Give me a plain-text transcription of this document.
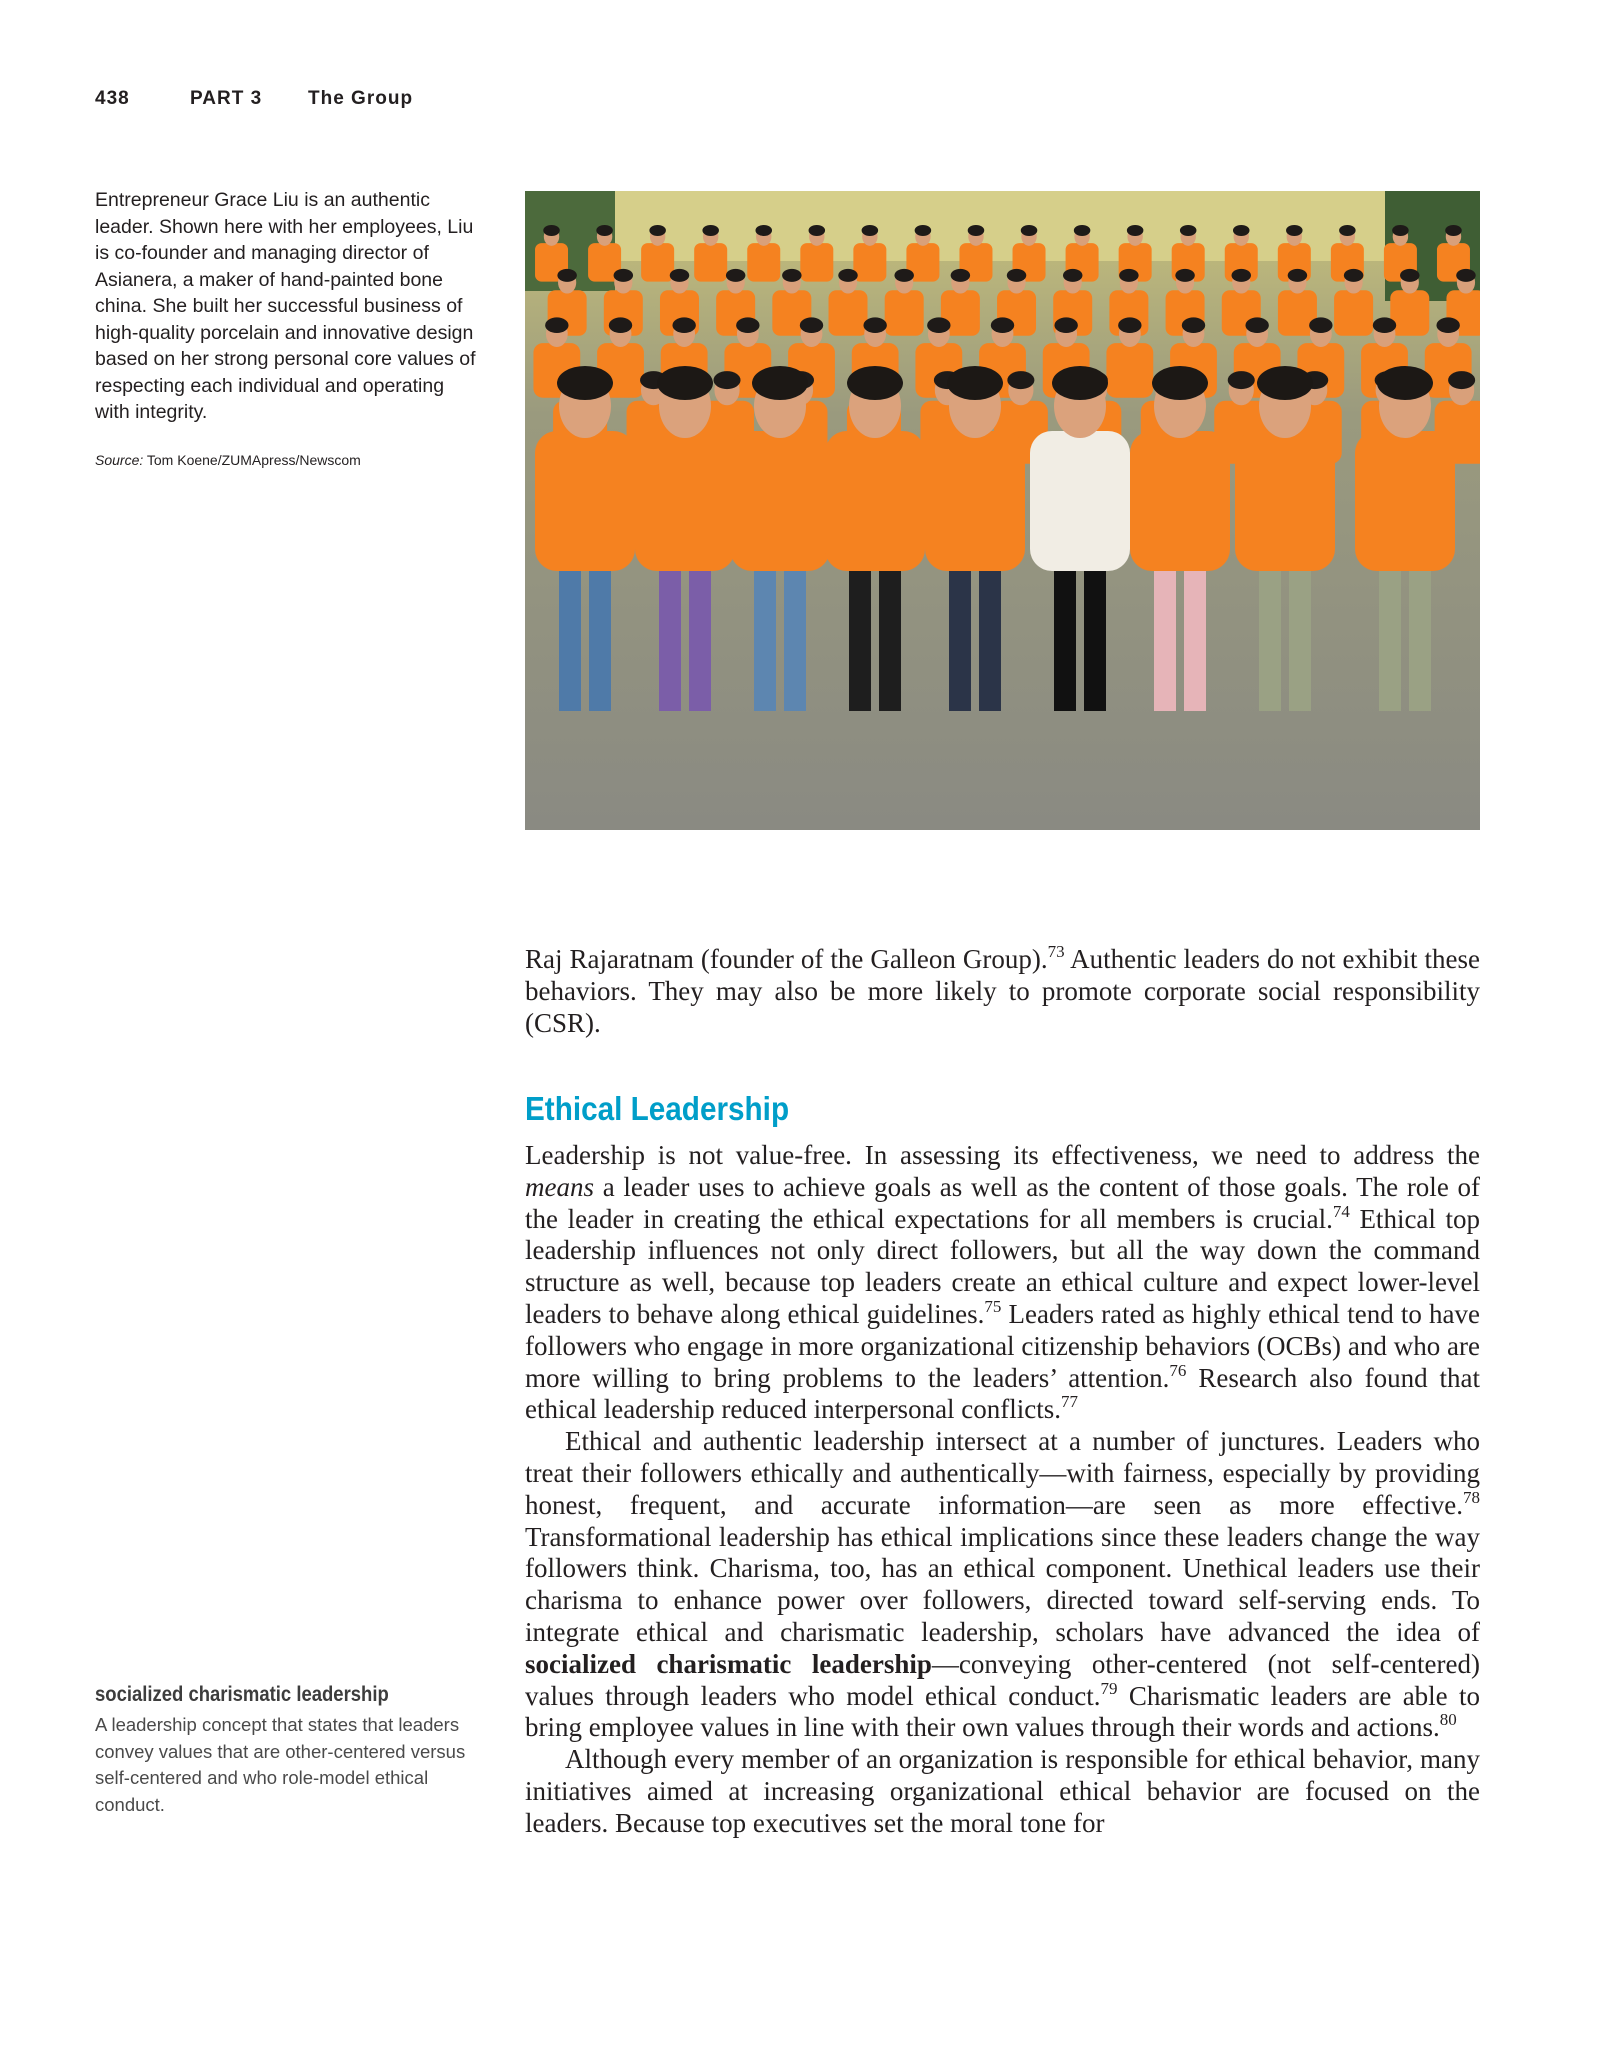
438	PART 3 The Group
Entrepreneur Grace Liu is an authentic leader. Shown here with her employees, Liu is co-founder and managing director of Asianera, a maker of hand-painted bone china. She built her successful business of high-quality porcelain and innovative design based on her strong personal core values of respecting each individual and operating with integrity.
Source: Tom Koene/ZUMApress/Newscom

Raj Rajaratnam (founder of the Galleon Group).$^{73}$ Authentic leaders do not exhibit these behaviors. They may also be more likely to promote corporate social responsibility (CSR).

Ethical Leadership

Leadership is not value-free. In assessing its effectiveness, we need to address the means a leader uses to achieve goals as well as the content of those goals. The role of the leader in creating the ethical expectations for all members is crucial.$^{74}$ Ethical top leadership influences not only direct followers, but all the way down the command structure as well, because top leaders create an ethical culture and expect lower-level leaders to behave along ethical guidelines.$^{75}$ Leaders rated as highly ethical tend to have followers who engage in more organizational citizenship behaviors (OCBs) and who are more willing to bring problems to the leaders’ attention.$^{76}$ Research also found that ethical leadership reduced interpersonal conflicts.$^{77}$

Ethical and authentic leadership intersect at a number of junctures. Leaders who treat their followers ethically and authentically—with fairness, especially by providing honest, frequent, and accurate information—are seen as more effective.$^{78}$ Transformational leadership has ethical implications since these leaders change the way followers think. Charisma, too, has an ethical component. Unethical leaders use their charisma to enhance power over followers, directed toward self-serving ends. To integrate ethical and charismatic leadership, scholars have advanced the idea of socialized charismatic leadership—conveying other-centered (not self-centered) values through leaders who model ethical conduct.$^{79}$ Charismatic leaders are able to bring employee values in line with their own values through their words and actions.$^{80}$

Although every member of an organization is responsible for ethical behavior, many initiatives aimed at increasing organizational ethical behavior are focused on the leaders. Because top executives set the moral tone for

socialized charismatic leadership
A leadership concept that states that leaders convey values that are other-centered versus self-centered and who role-model ethical conduct.
